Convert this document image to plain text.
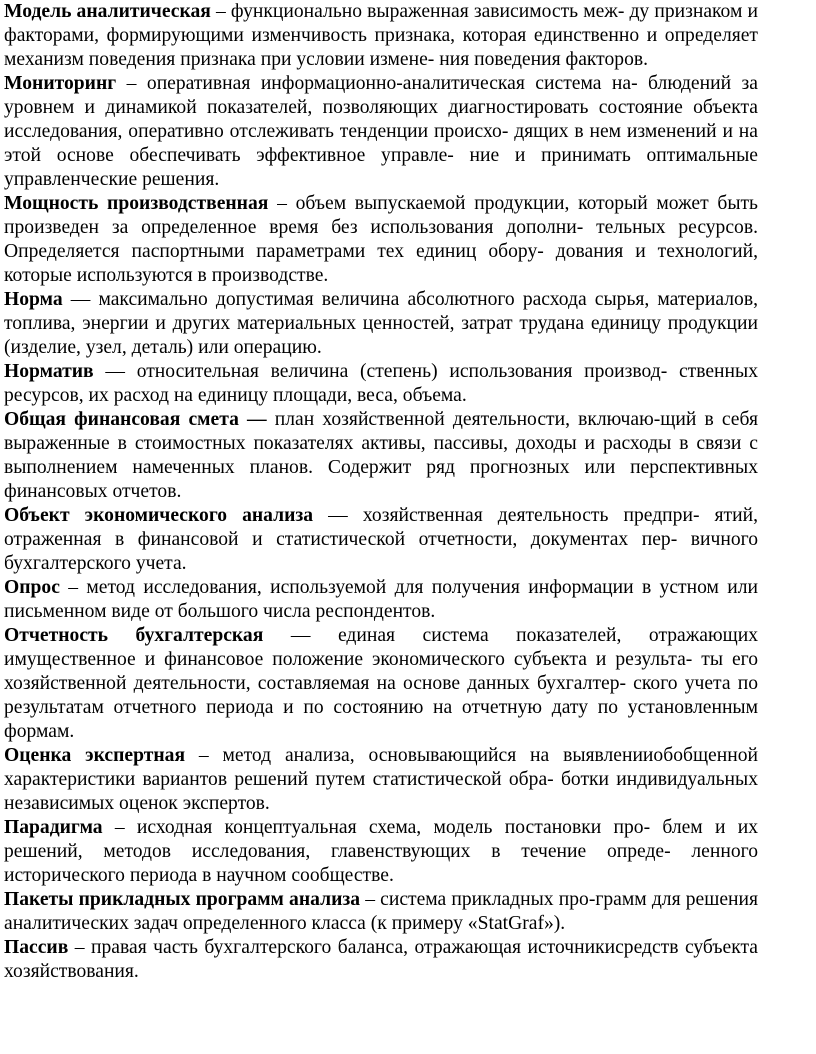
Модель аналитическая – функционально выраженная зависимость меж- ду признаком и факторами, формирующими изменчивость признака, которая единственно и определяет механизм поведения признака при условии измене- ния поведения факторов.

Мониторинг – оперативная информационно-аналитическая система на- блюдений за уровнем и динамикой показателей, позволяющих диагностировать состояние объекта исследования, оперативно отслеживать тенденции происхо- дящих в нем изменений и на этой основе обеспечивать эффективное управле- ние и принимать оптимальные управленческие решения.

Мощность производственная – объем выпускаемой продукции, который может быть произведен за определенное время без использования дополни- тельных ресурсов. Определяется паспортными параметрами тех единиц обору- дования и технологий, которые используются в производстве.

Норма — максимально допустимая величина абсолютного расхода сырья, материалов, топлива, энергии и других материальных ценностей, затрат трудана единицу продукции (изделие, узел, деталь) или операцию.

Норматив — относительная величина (степень) использования производ- ственных ресурсов, их расход на единицу площади, веса, объема.

Общая финансовая смета — план хозяйственной деятельности, включаю-щий в себя выраженные в стоимостных показателях активы, пассивы, доходы и расходы в связи с выполнением намеченных планов. Содержит ряд прогнозных или перспективных финансовых отчетов.

Объект экономического анализа — хозяйственная деятельность предпри- ятий, отраженная в финансовой и статистической отчетности, документах пер- вичного бухгалтерского учета.

Опрос – метод исследования, используемой для получения информации в устном или письменном виде от большого числа респондентов.

Отчетность бухгалтерская — единая система показателей, отражающих имущественное и финансовое положение экономического субъекта и результа- ты его хозяйственной деятельности, составляемая на основе данных бухгалтер- ского учета по результатам отчетного периода и по состоянию на отчетную дату по установленным формам.

Оценка экспертная – метод анализа, основывающийся на выявленииобобщенной характеристики вариантов решений путем статистической обра- ботки индивидуальных независимых оценок экспертов.

Парадигма – исходная концептуальная схема, модель постановки про- блем и их решений, методов исследования, главенствующих в течение опреде- ленного исторического периода в научном сообществе.

Пакеты прикладных программ анализа – система прикладных про-грамм для решения аналитических задач определенного класса (к примеру «StatGraf»).

Пассив – правая часть бухгалтерского баланса, отражающая источникисредств субъекта хозяйствования.
